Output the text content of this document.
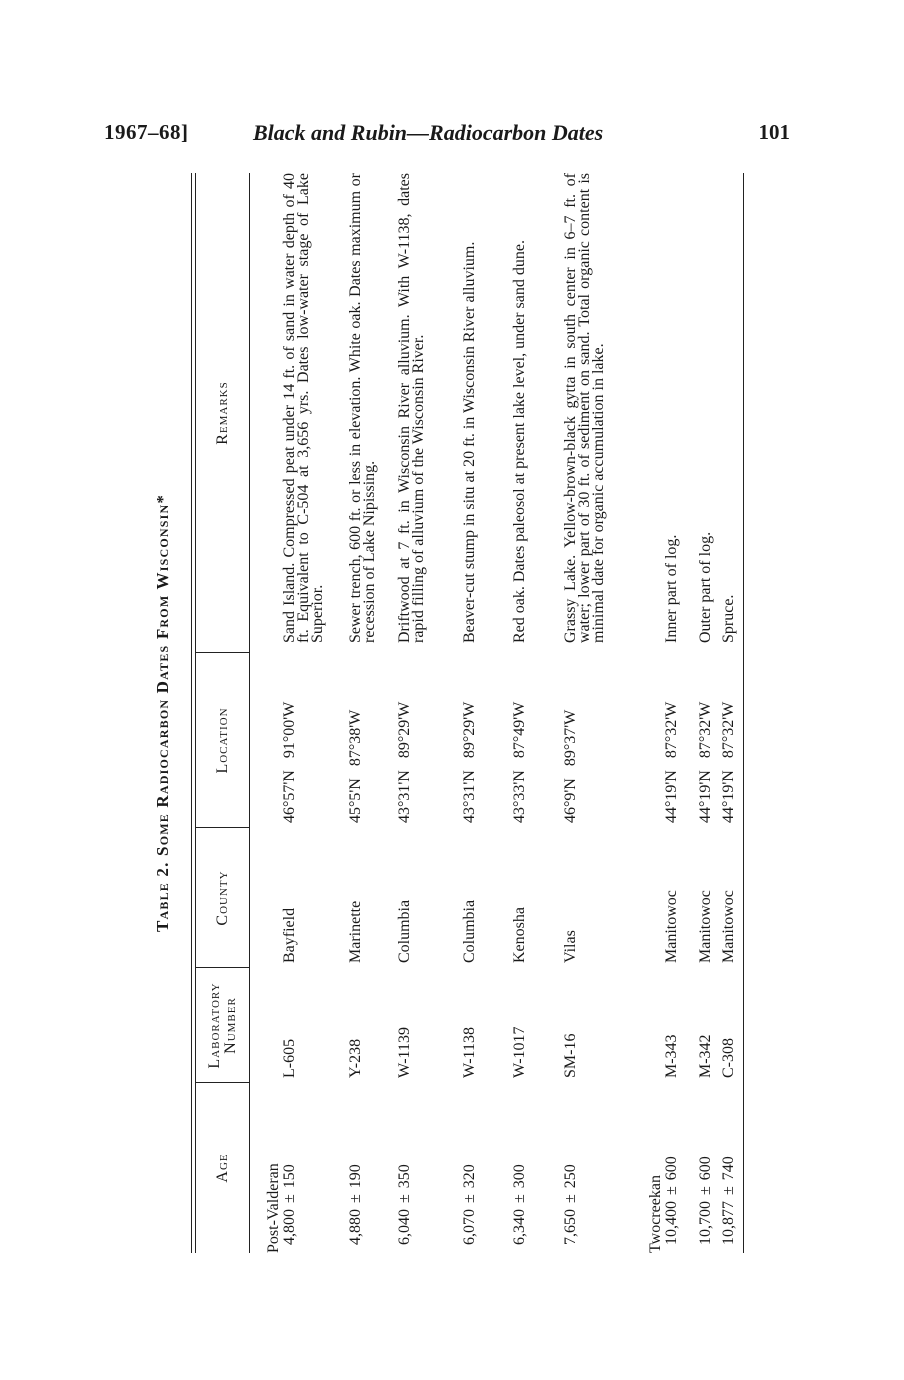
1967–68]	Black and Rubin—Radiocarbon Dates	101
Table 2. Some Radiocarbon Dates From Wisconsin*
Age
Laboratory Number
County
Location
Remarks
Post-Valderan 4,800 ± 150
L-605
Bayfield
46°57'N 91°00'W
Sand Island. Compressed peat under 14 ft. of sand in water depth of 40 ft. Equivalent to C-504 at 3,656 yrs. Dates low-water stage of Lake Superior.
4,880 ± 190
Y-238
Marinette
45°5'N 87°38'W
Sewer trench, 600 ft. or less in elevation. White oak. Dates maximum or recession of Lake Nipissing.
6,040 ± 350
W-1139
Columbia
43°31'N 89°29'W
Driftwood at 7 ft. in Wisconsin River alluvium. With W-1138, dates rapid filling of alluvium of the Wisconsin River.
6,070 ± 320
W-1138
Columbia
43°31'N 89°29'W
Beaver-cut stump in situ at 20 ft. in Wisconsin River alluvium.
6,340 ± 300
W-1017
Kenosha
43°33'N 87°49'W
Red oak. Dates paleosol at present lake level, under sand dune.
7,650 ± 250
SM-16
Vilas
46°9'N 89°37'W
Grassy Lake. Yellow-brown-black gytta in south center in 6–7 ft. of water; lower part of 30 ft. of sediment on sand. Total organic content is minimal date for organic accumulation in lake.
Twocreekan 10,400 ± 600
M-343
Manitowoc
44°19'N 87°32'W
Inner part of log.
10,700 ± 600
M-342
Manitowoc
44°19'N 87°32'W
Outer part of log.
10,877 ± 740
C-308
Manitowoc
44°19'N 87°32'W
Spruce.
